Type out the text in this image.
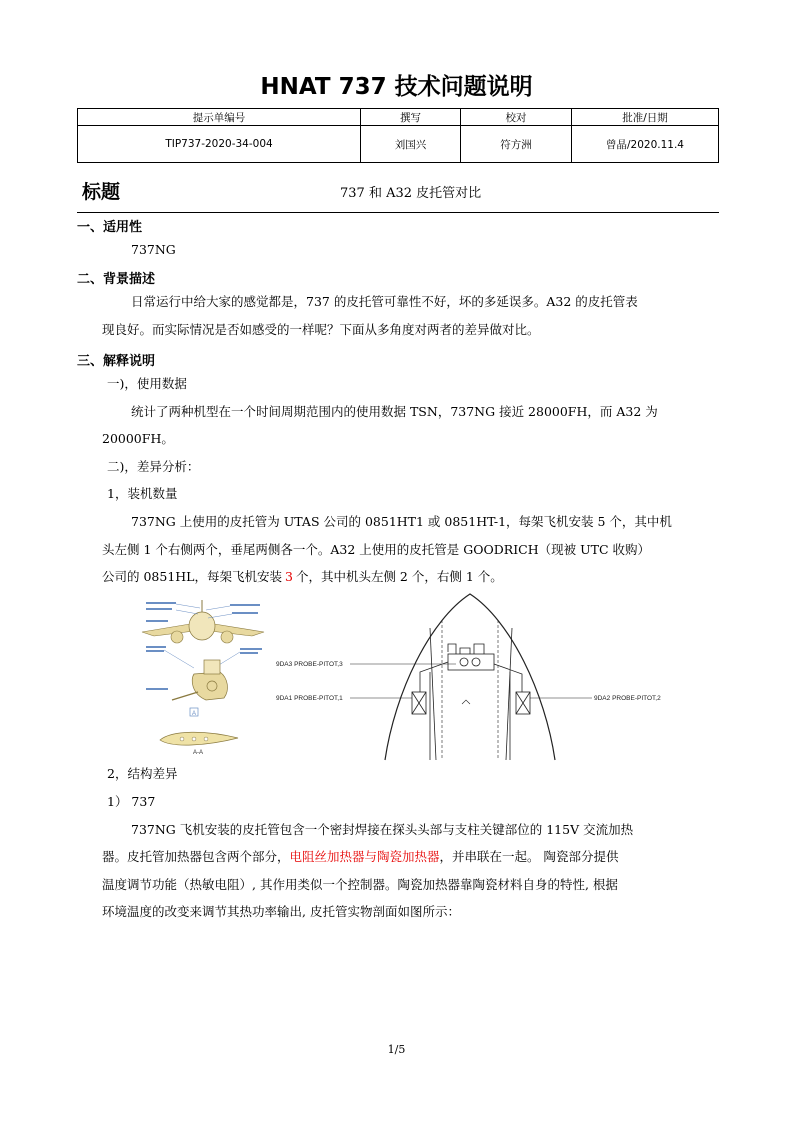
HNAT 737 技术问题说明
提示单编号	撰写	校对	批准/日期
TIP737-2020-34-004	刘国兴	符方洲	曾晶/2020.11.4
标题	737 和 A32 皮托管对比
一、适用性
737NG
二、背景描述
日常运行中给大家的感觉都是，737 的皮托管可靠性不好，坏的多延误多。A32 的皮托管表
现良好。而实际情况是否如感受的一样呢？下面从多角度对两者的差异做对比。
三、解释说明
一)，使用数据
统计了两种机型在一个时间周期范围内的使用数据 TSN，737NG 接近 28000FH，而 A32 为
20000FH。
二)，差异分析：
1，装机数量
737NG 上使用的皮托管为 UTAS 公司的 0851HT1 或 0851HT-1，每架飞机安装 5 个，其中机
头左侧 1 个右侧两个，垂尾两侧各一个。A32 上使用的皮托管是 GOODRICH（现被 UTC 收购）
公司的 0851HL，每架飞机安装 3 个，其中机头左侧 2 个，右侧 1 个。
A
A-A
9DA3 PROBE-PITOT,3
9DA1 PROBE-PITOT,1	9DA2 PROBE-PITOT,2
2，结构差异
1） 737
737NG 飞机安装的皮托管包含一个密封焊接在探头头部与支柱关键部位的 115V 交流加热
器。皮托管加热器包含两个部分，电阻丝加热器与陶瓷加热器，并串联在一起。 陶瓷部分提供
温度调节功能（热敏电阻）, 其作用类似一个控制器。陶瓷加热器靠陶瓷材料自身的特性, 根据
环境温度的改变来调节其热功率输出, 皮托管实物剖面如图所示：
1/5
